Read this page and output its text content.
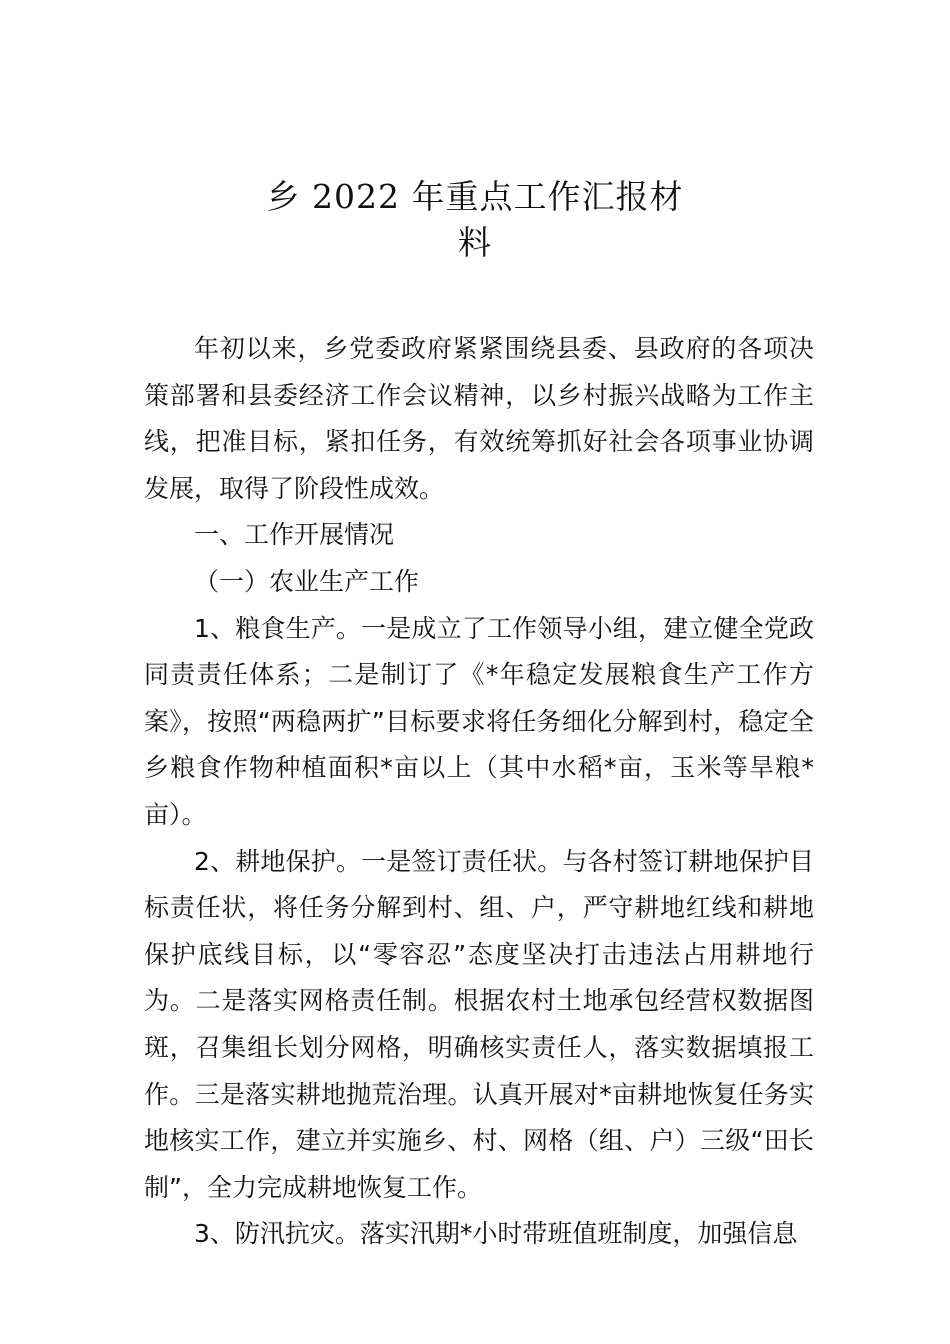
乡 2022 年重点工作汇报材
料

年初以来，乡党委政府紧紧围绕县委、县政府的各项决策部署和县委经济工作会议精神，以乡村振兴战略为工作主线，把准目标，紧扣任务，有效统筹抓好社会各项事业协调发展，取得了阶段性成效。

一、工作开展情况

（一）农业生产工作

1、粮食生产。一是成立了工作领导小组，建立健全党政同责责任体系；二是制订了《*年稳定发展粮食生产工作方案》，按照“两稳两扩”目标要求将任务细化分解到村，稳定全乡粮食作物种植面积*亩以上（其中水稻*亩，玉米等旱粮*亩）。

2、耕地保护。一是签订责任状。与各村签订耕地保护目标责任状，将任务分解到村、组、户，严守耕地红线和耕地保护底线目标，以“零容忍”态度坚决打击违法占用耕地行为。二是落实网格责任制。根据农村土地承包经营权数据图斑，召集组长划分网格，明确核实责任人，落实数据填报工作。三是落实耕地抛荒治理。认真开展对*亩耕地恢复任务实地核实工作，建立并实施乡、村、网格（组、户）三级“田长制”，全力完成耕地恢复工作。

3、防汛抗灾。落实汛期*小时带班值班制度，加强信息
